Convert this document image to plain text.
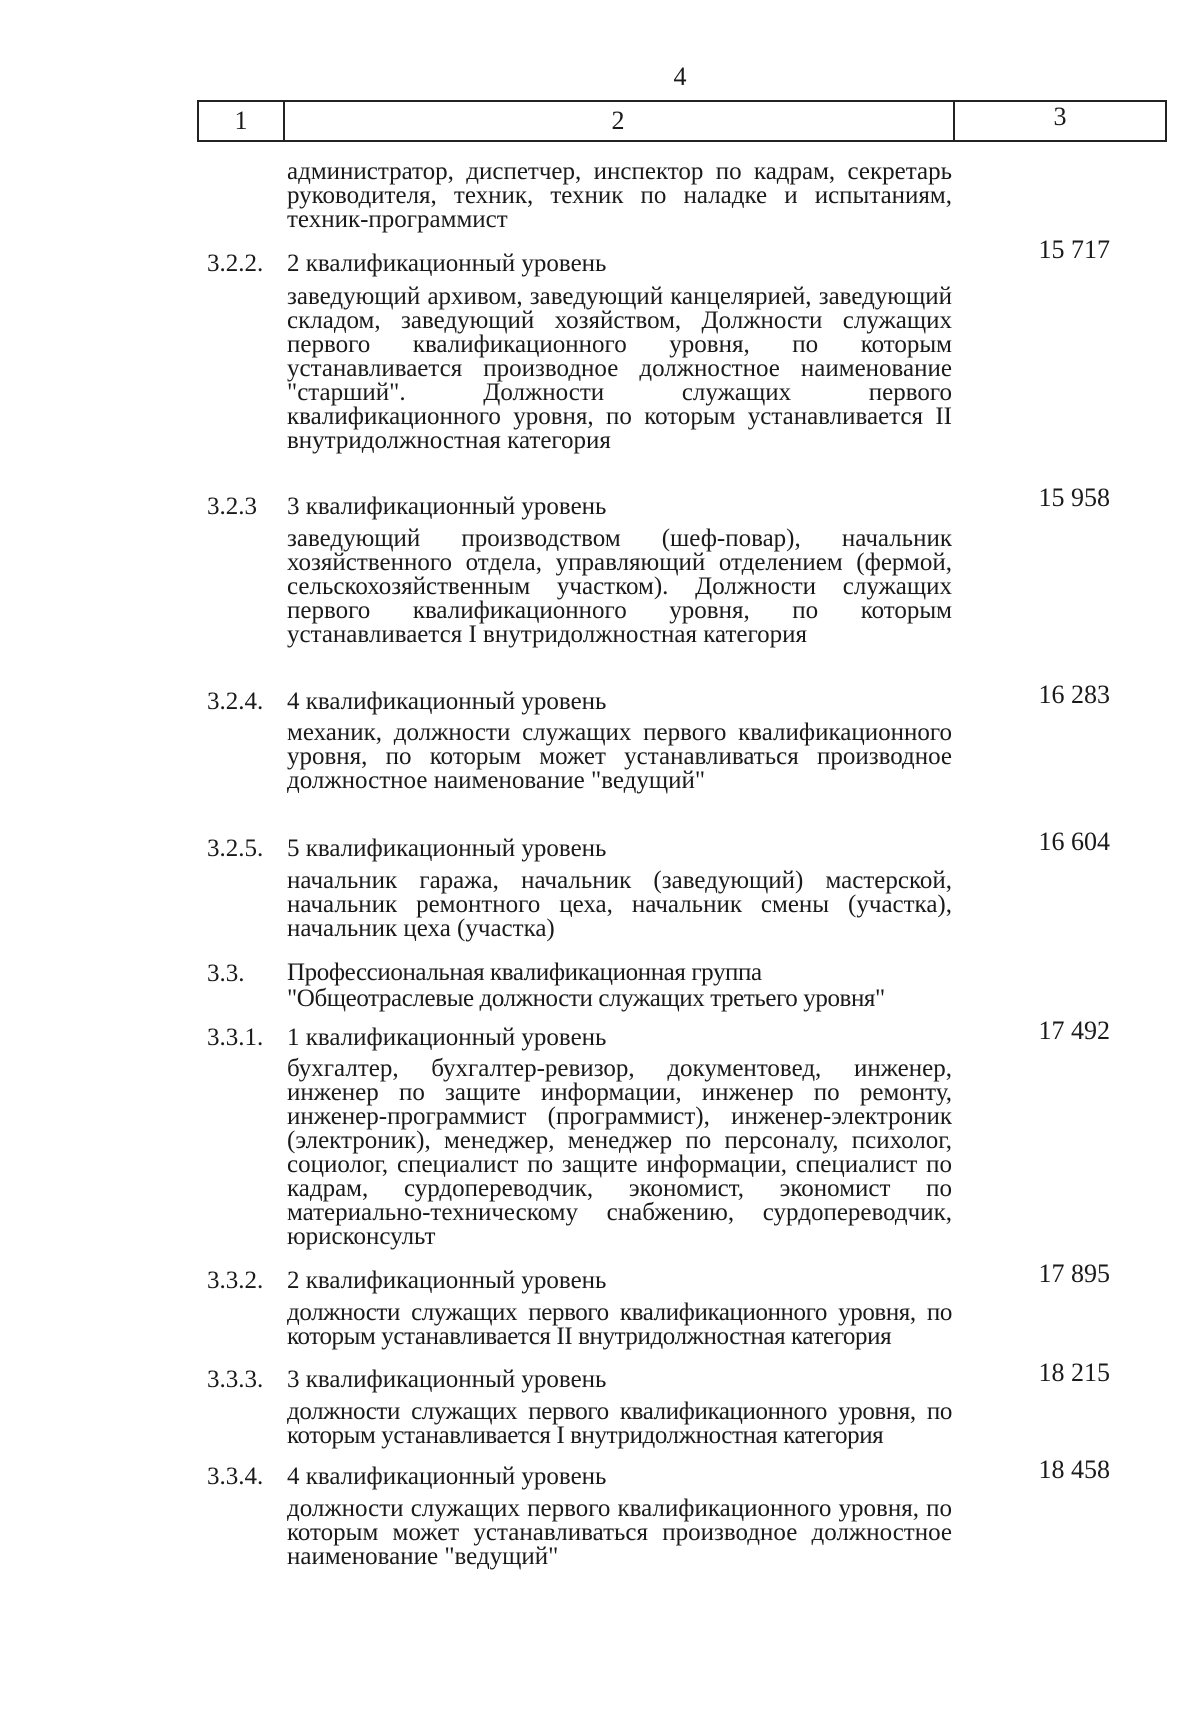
4
1	2	3
администратор, диспетчер, инспектор по кадрам, секретарь руководителя, техник, техник по наладке и испытаниям, техник-программист
3.2.2. 2 квалификационный уровень	15 717
заведующий архивом, заведующий канцелярией, заведующий складом, заведующий хозяйством, Должности служащих первого квалификационного уровня, по которым устанавливается производное должностное наименование "старший". Должности служащих первого квалификационного уровня, по которым устанавливается II внутридолжностная категория
3.2.3 3 квалификационный уровень	15 958
заведующий производством (шеф-повар), начальник хозяйственного отдела, управляющий отделением (фермой, сельскохозяйственным участком). Должности служащих первого квалификационного уровня, по которым устанавливается I внутридолжностная категория
3.2.4. 4 квалификационный уровень	16 283
механик, должности служащих первого квалификационного уровня, по которым может устанавливаться производное должностное наименование "ведущий"
3.2.5. 5 квалификационный уровень	16 604
начальник гаража, начальник (заведующий) мастерской, начальник ремонтного цеха, начальник смены (участка), начальник цеха (участка)
3.3. Профессиональная квалификационная группа "Общеотраслевые должности служащих третьего уровня"
3.3.1. 1 квалификационный уровень	17 492
бухгалтер, бухгалтер-ревизор, документовед, инженер, инженер по защите информации, инженер по ремонту, инженер-программист (программист), инженер-электроник (электроник), менеджер, менеджер по персоналу, психолог, социолог, специалист по защите информации, специалист по кадрам, сурдопереводчик, экономист, экономист по материально-техническому снабжению, сурдопереводчик, юрисконсульт
3.3.2. 2 квалификационный уровень	17 895
должности служащих первого квалификационного уровня, по которым устанавливается II внутридолжностная категория
3.3.3. 3 квалификационный уровень	18 215
должности служащих первого квалификационного уровня, по которым устанавливается I внутридолжностная категория
3.3.4. 4 квалификационный уровень	18 458
должности служащих первого квалификационного уровня, по которым может устанавливаться производное должностное наименование "ведущий"
